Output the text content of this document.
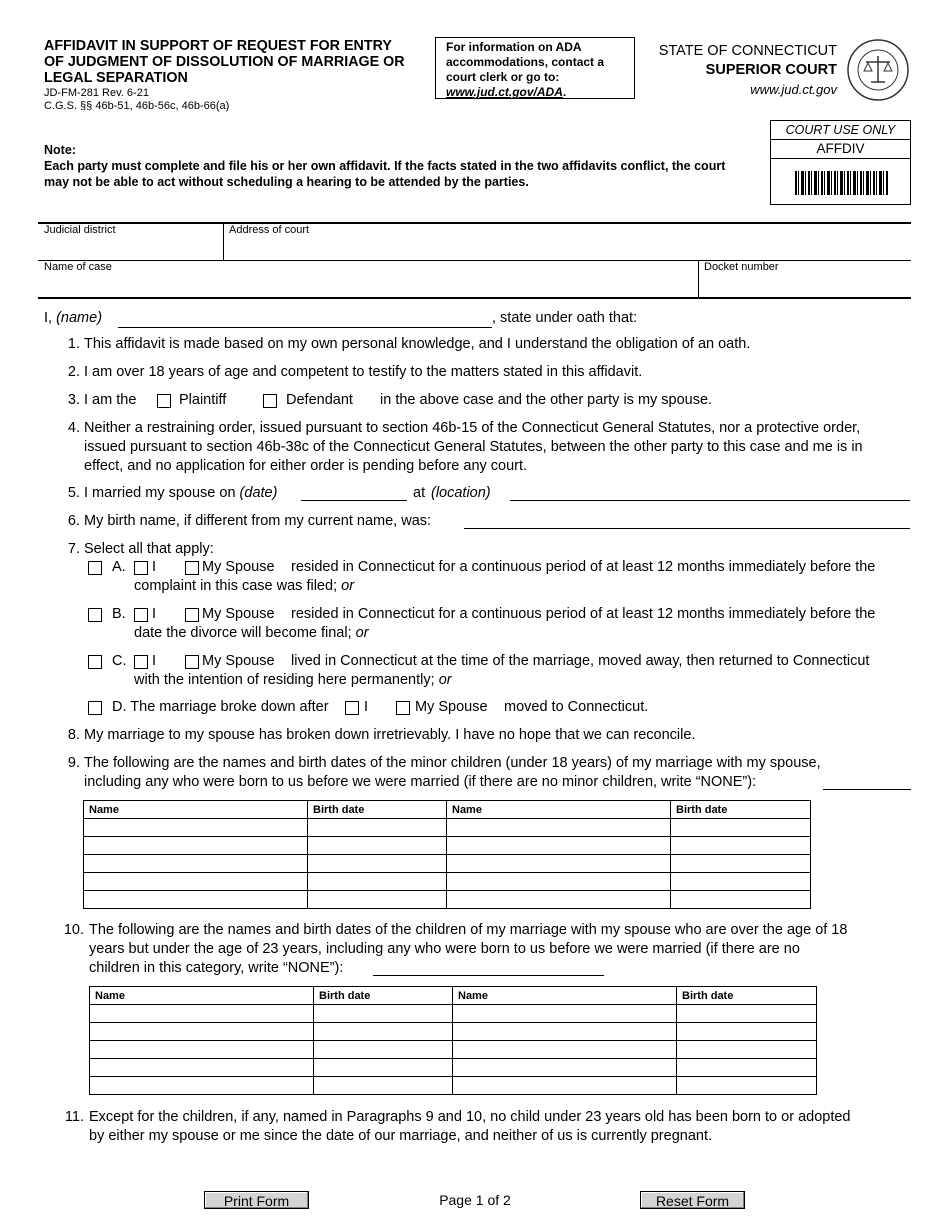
AFFIDAVIT IN SUPPORT OF REQUEST FOR ENTRY OF JUDGMENT OF DISSOLUTION OF MARRIAGE OR LEGAL SEPARATION
JD-FM-281 Rev. 6-21
C.G.S. §§ 46b-51, 46b-56c, 46b-66(a)
For information on ADA accommodations, contact a court clerk or go to: www.jud.ct.gov/ADA.
STATE OF CONNECTICUT
SUPERIOR COURT
www.jud.ct.gov
COURT USE ONLY
AFFDIV
Note:
Each party must complete and file his or her own affidavit. If the facts stated in the two affidavits conflict, the court may not be able to act without scheduling a hearing to be attended by the parties.
Judicial district	Address of court
Name of case	Docket number
I, (name)	, state under oath that:
1. This affidavit is made based on my own personal knowledge, and I understand the obligation of an oath.
2. I am over 18 years of age and competent to testify to the matters stated in this affidavit.
3. I am the	Plaintiff	Defendant in the above case and the other party is my spouse.
4. Neither a restraining order, issued pursuant to section 46b-15 of the Connecticut General Statutes, nor a protective order, issued pursuant to section 46b-38c of the Connecticut General Statutes, between the other party to this case and me is in effect, and no application for either order is pending before any court.
5. I married my spouse on (date)	at (location)
6. My birth name, if different from my current name, was:
7. Select all that apply:
A. I	My Spouse resided in Connecticut for a continuous period of at least 12 months immediately before the
complaint in this case was filed; or
B. I	My Spouse resided in Connecticut for a continuous period of at least 12 months immediately before the
date the divorce will become final; or
C. I	My Spouse lived in Connecticut at the time of the marriage, moved away, then returned to Connecticut
with the intention of residing here permanently; or
D. The marriage broke down after I	My Spouse moved to Connecticut.
8. My marriage to my spouse has broken down irretrievably. I have no hope that we can reconcile.
9. The following are the names and birth dates of the minor children (under 18 years) of my marriage with my spouse,
including any who were born to us before we were married (if there are no minor children, write “NONE”):
Name	Birth date	Name	Birth date

10. The following are the names and birth dates of the children of my marriage with my spouse who are over the age of 18
years but under the age of 23 years, including any who were born to us before we were married (if there are no
children in this category, write “NONE”):
Name	Birth date	Name	Birth date

11. Except for the children, if any, named in Paragraphs 9 and 10, no child under 23 years old has been born to or adopted
by either my spouse or me since the date of our marriage, and neither of us is currently pregnant.
Print Form	Page 1 of 2	Reset Form
